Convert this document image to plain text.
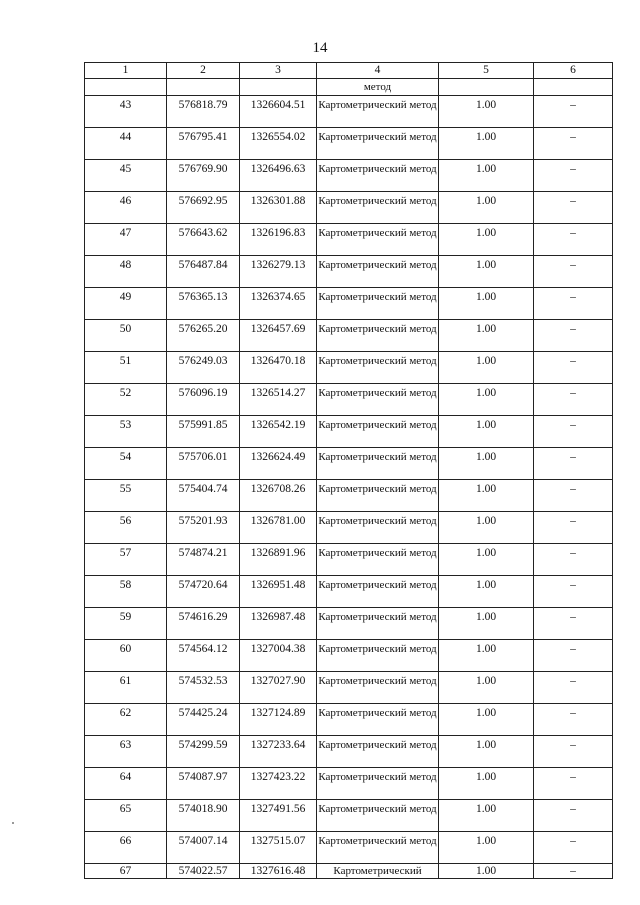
14
1	2	3	4	5	6
			метод		
43	576818.79	1326604.51	Картометрический метод	1.00	–
44	576795.41	1326554.02	Картометрический метод	1.00	–
45	576769.90	1326496.63	Картометрический метод	1.00	–
46	576692.95	1326301.88	Картометрический метод	1.00	–
47	576643.62	1326196.83	Картометрический метод	1.00	–
48	576487.84	1326279.13	Картометрический метод	1.00	–
49	576365.13	1326374.65	Картометрический метод	1.00	–
50	576265.20	1326457.69	Картометрический метод	1.00	–
51	576249.03	1326470.18	Картометрический метод	1.00	–
52	576096.19	1326514.27	Картометрический метод	1.00	–
53	575991.85	1326542.19	Картометрический метод	1.00	–
54	575706.01	1326624.49	Картометрический метод	1.00	–
55	575404.74	1326708.26	Картометрический метод	1.00	–
56	575201.93	1326781.00	Картометрический метод	1.00	–
57	574874.21	1326891.96	Картометрический метод	1.00	–
58	574720.64	1326951.48	Картометрический метод	1.00	–
59	574616.29	1326987.48	Картометрический метод	1.00	–
60	574564.12	1327004.38	Картометрический метод	1.00	–
61	574532.53	1327027.90	Картометрический метод	1.00	–
62	574425.24	1327124.89	Картометрический метод	1.00	–
63	574299.59	1327233.64	Картометрический метод	1.00	–
64	574087.97	1327423.22	Картометрический метод	1.00	–
65	574018.90	1327491.56	Картометрический метод	1.00	–
66	574007.14	1327515.07	Картометрический метод	1.00	–
67	574022.57	1327616.48	Картометрический	1.00	–
